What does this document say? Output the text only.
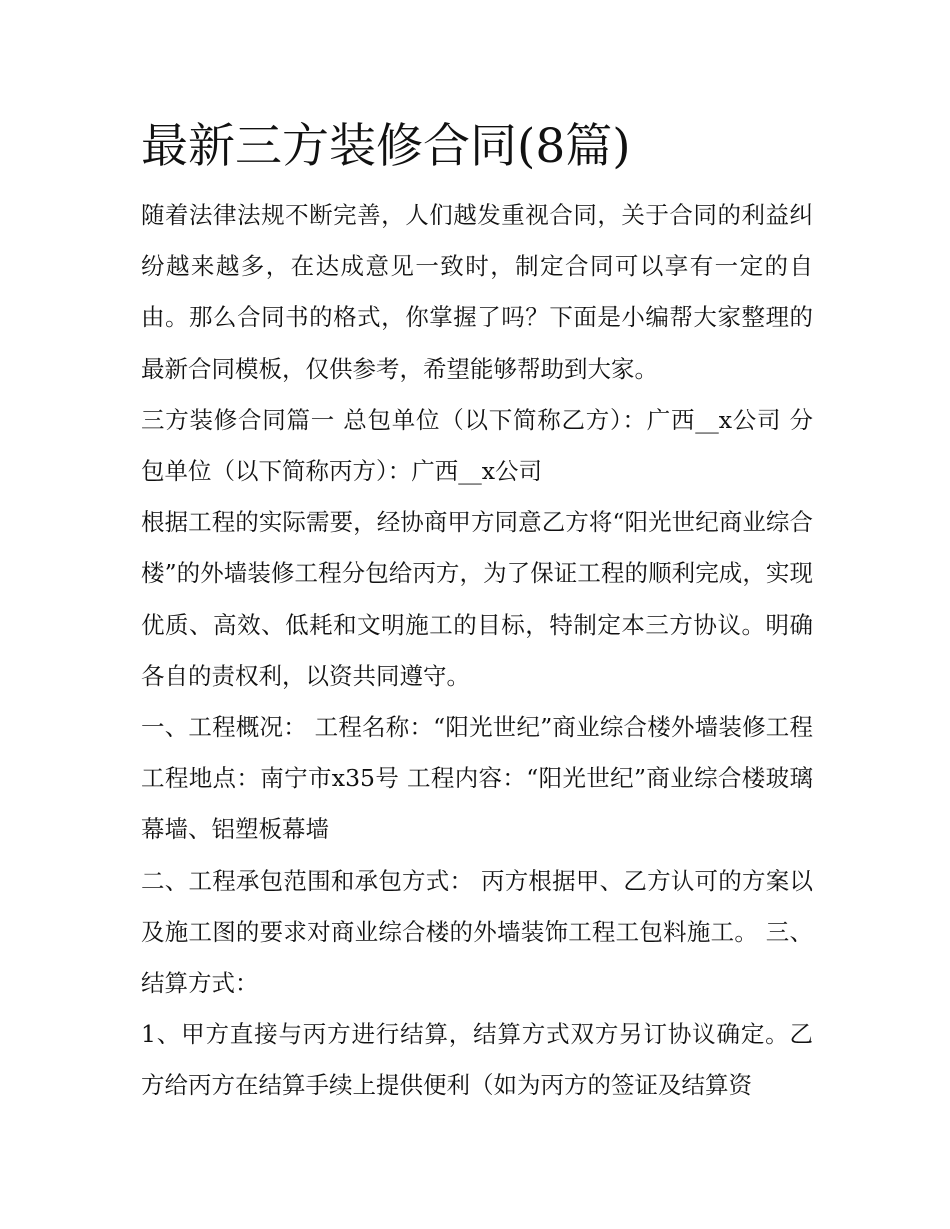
最新三方装修合同(8篇)

随着法律法规不断完善，人们越发重视合同，关于合同的利益纠纷越来越多，在达成意见一致时，制定合同可以享有一定的自由。那么合同书的格式，你掌握了吗？下面是小编帮大家整理的最新合同模板，仅供参考，希望能够帮助到大家。

三方装修合同篇一 总包单位（以下简称乙方）：广西__x公司 分包单位（以下简称丙方）：广西__x公司

根据工程的实际需要，经协商甲方同意乙方将“阳光世纪商业综合楼”的外墙装修工程分包给丙方，为了保证工程的顺利完成，实现优质、高效、低耗和文明施工的目标，特制定本三方协议。明确各自的责权利，以资共同遵守。

一、工程概况： 工程名称：“阳光世纪”商业综合楼外墙装修工程 工程地点：南宁市x35号 工程内容：“阳光世纪”商业综合楼玻璃幕墙、铝塑板幕墙

二、工程承包范围和承包方式： 丙方根据甲、乙方认可的方案以及施工图的要求对商业综合楼的外墙装饰工程工包料施工。 三、结算方式：

1、甲方直接与丙方进行结算，结算方式双方另订协议确定。乙方给丙方在结算手续上提供便利（如为丙方的签证及结算资
